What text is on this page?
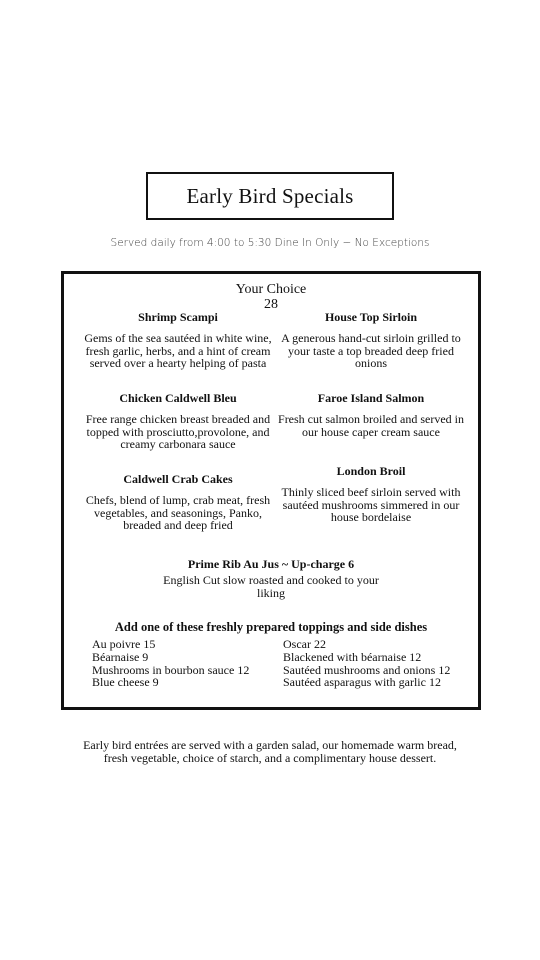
Early Bird Specials
Served daily from 4:00 to 5:30 Dine In Only ~ No Exceptions
Your Choice
28
Shrimp Scampi
Gems of the sea sautéed in white wine, fresh garlic, herbs, and a hint of cream served over a hearty helping of pasta
House Top Sirloin
A generous hand-cut sirloin grilled to your taste a top breaded deep fried onions
Chicken Caldwell Bleu
Free range chicken breast breaded and topped with prosciutto,provolone, and creamy carbonara sauce
Faroe Island Salmon
Fresh cut salmon broiled and served in our house caper cream sauce
Caldwell Crab Cakes
Chefs, blend of lump, crab meat, fresh vegetables, and seasonings, Panko, breaded and deep fried
London Broil
Thinly sliced beef sirloin served with sautéed mushrooms simmered in our house bordelaise
Prime Rib Au Jus ~ Up-charge 6
English Cut slow roasted and cooked to your liking
Add one of these freshly prepared toppings and side dishes
Au poivre 15
Béarnaise 9
Mushrooms in bourbon sauce 12
Blue cheese 9
Oscar 22
Blackened with béarnaise 12
Sautéed mushrooms and onions 12
Sautéed asparagus with garlic 12
Early bird entrées are served with a garden salad, our homemade warm bread, fresh vegetable, choice of starch, and a complimentary house dessert.
